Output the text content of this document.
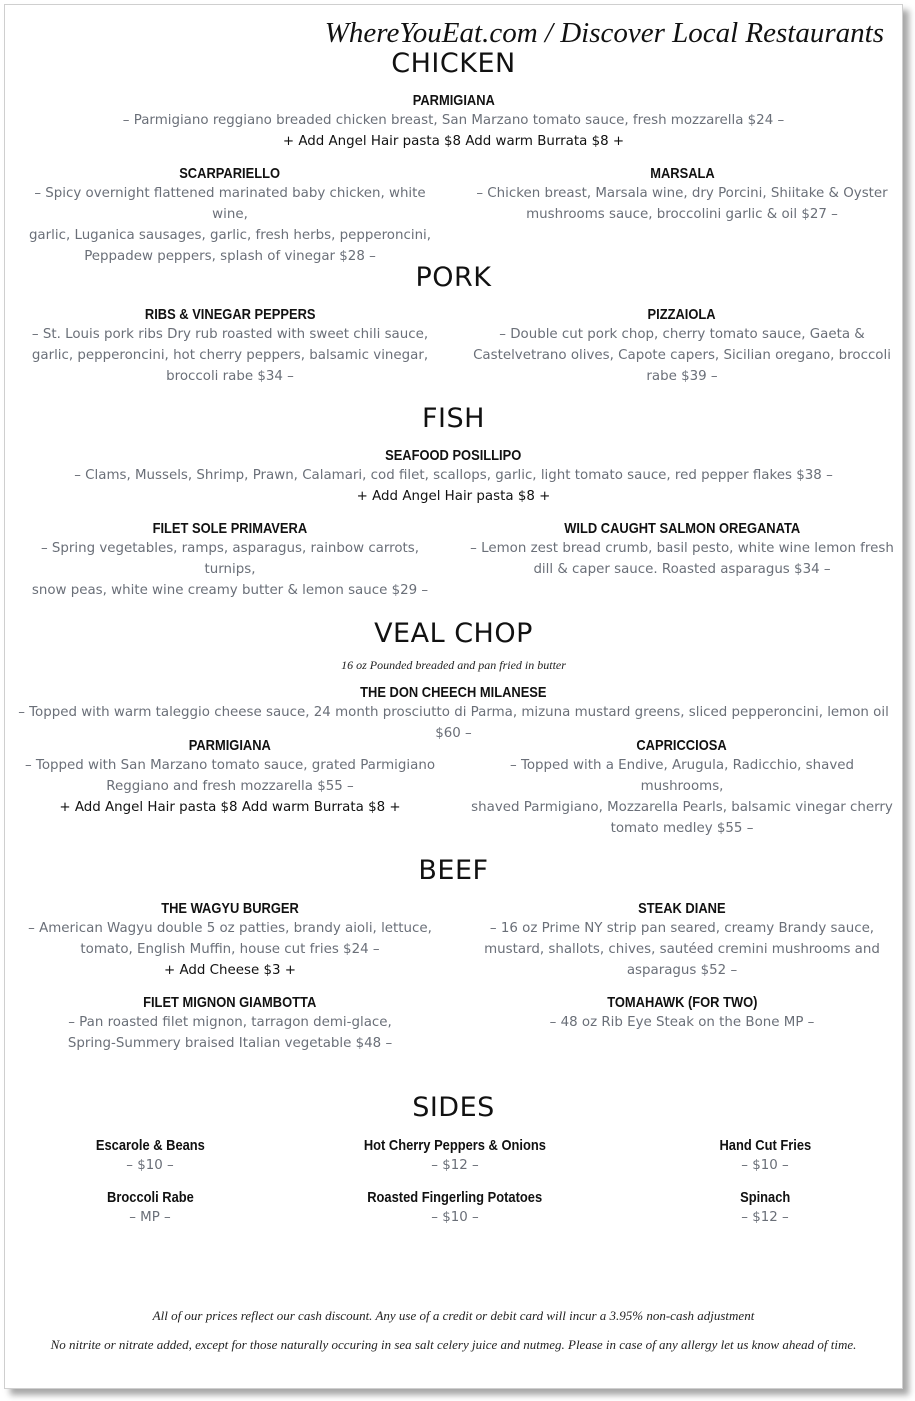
WhereYouEat.com / Discover Local Restaurants
CHICKEN
PARMIGIANA
– Parmigiano reggiano breaded chicken breast, San Marzano tomato sauce, fresh mozzarella $24 –
+ Add Angel Hair pasta $8 Add warm Burrata $8 +
SCARPARIELLO
– Spicy overnight flattened marinated baby chicken, white wine,
garlic, Luganica sausages, garlic, fresh herbs, pepperoncini,
Peppadew peppers, splash of vinegar $28 –
MARSALA
– Chicken breast, Marsala wine, dry Porcini, Shiitake & Oyster
mushrooms sauce, broccolini garlic & oil $27 –
PORK
RIBS & VINEGAR PEPPERS
– St. Louis pork ribs Dry rub roasted with sweet chili sauce,
garlic, pepperoncini, hot cherry peppers, balsamic vinegar,
broccoli rabe $34 –
PIZZAIOLA
– Double cut pork chop, cherry tomato sauce, Gaeta &
Castelvetrano olives, Capote capers, Sicilian oregano, broccoli
rabe $39 –
FISH
SEAFOOD POSILLIPO
– Clams, Mussels, Shrimp, Prawn, Calamari, cod filet, scallops, garlic, light tomato sauce, red pepper flakes $38 –
+ Add Angel Hair pasta $8 +
FILET SOLE PRIMAVERA
– Spring vegetables, ramps, asparagus, rainbow carrots, turnips,
snow peas, white wine creamy butter & lemon sauce $29 –
WILD CAUGHT SALMON OREGANATA
– Lemon zest bread crumb, basil pesto, white wine lemon fresh
dill & caper sauce. Roasted asparagus $34 –
VEAL CHOP
16 oz Pounded breaded and pan fried in butter
THE DON CHEECH MILANESE
– Topped with warm taleggio cheese sauce, 24 month prosciutto di Parma, mizuna mustard greens, sliced pepperoncini, lemon oil $60 –
PARMIGIANA
– Topped with San Marzano tomato sauce, grated Parmigiano
Reggiano and fresh mozzarella $55 –
+ Add Angel Hair pasta $8 Add warm Burrata $8 +
CAPRICCIOSA
– Topped with a Endive, Arugula, Radicchio, shaved mushrooms,
shaved Parmigiano, Mozzarella Pearls, balsamic vinegar cherry
tomato medley $55 –
BEEF
THE WAGYU BURGER
– American Wagyu double 5 oz patties, brandy aioli, lettuce,
tomato, English Muffin, house cut fries $24 –
+ Add Cheese $3 +
STEAK DIANE
– 16 oz Prime NY strip pan seared, creamy Brandy sauce,
mustard, shallots, chives, sautéed cremini mushrooms and
asparagus $52 –
FILET MIGNON GIAMBOTTA
– Pan roasted filet mignon, tarragon demi-glace,
Spring-Summery braised Italian vegetable $48 –
TOMAHAWK (FOR TWO)
– 48 oz Rib Eye Steak on the Bone MP –
SIDES
Escarole & Beans
– $10 –
Hot Cherry Peppers & Onions
– $12 –
Hand Cut Fries
– $10 –
Broccoli Rabe
– MP –
Roasted Fingerling Potatoes
– $10 –
Spinach
– $12 –
All of our prices reflect our cash discount. Any use of a credit or debit card will incur a 3.95% non-cash adjustment
No nitrite or nitrate added, except for those naturally occuring in sea salt celery juice and nutmeg. Please in case of any allergy let us know ahead of time.
